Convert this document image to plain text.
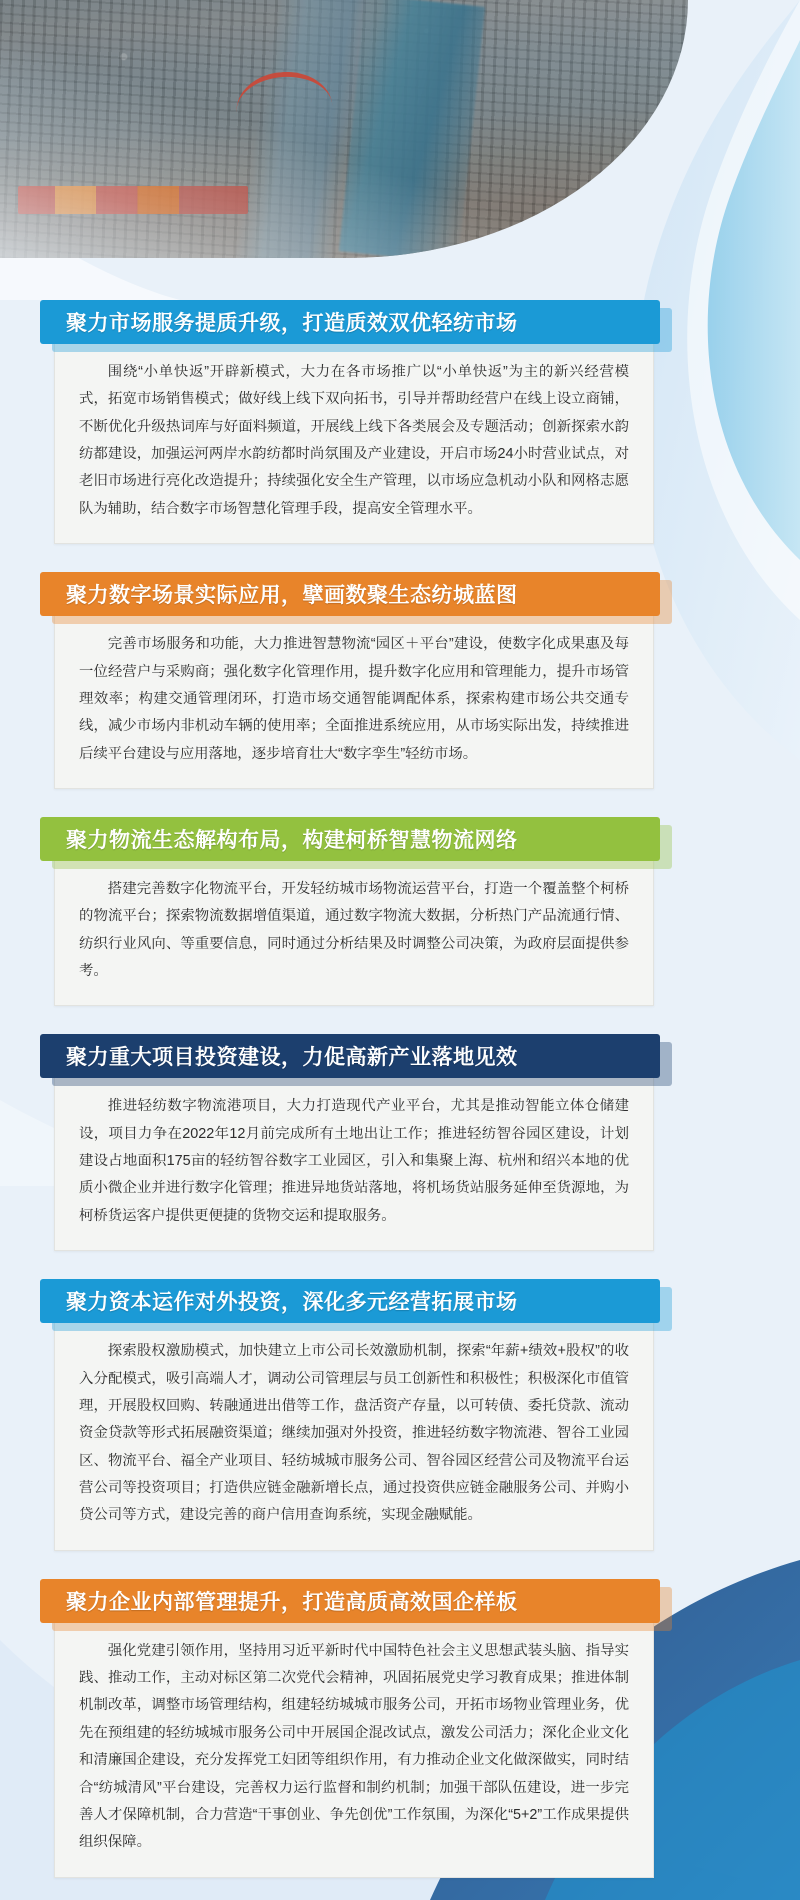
聚力市场服务提质升级，打造质效双优轻纺市场

围绕“小单快返”开辟新模式，大力在各市场推广以“小单快返”为主的新兴经营模式，拓宽市场销售模式；做好线上线下双向拓书，引导并帮助经营户在线上设立商铺，不断优化升级热词库与好面料频道，开展线上线下各类展会及专题活动；创新探索水韵纺都建设，加强运河两岸水韵纺都时尚氛围及产业建设，开启市场24小时营业试点，对老旧市场进行亮化改造提升；持续强化安全生产管理，以市场应急机动小队和网格志愿队为辅助，结合数字市场智慧化管理手段，提高安全管理水平。

聚力数字场景实际应用，擘画数聚生态纺城蓝图

完善市场服务和功能，大力推进智慧物流“园区＋平台”建设，使数字化成果惠及每一位经营户与采购商；强化数字化管理作用，提升数字化应用和管理能力，提升市场管理效率；构建交通管理闭环，打造市场交通智能调配体系，探索构建市场公共交通专线，减少市场内非机动车辆的使用率；全面推进系统应用，从市场实际出发，持续推进后续平台建设与应用落地，逐步培育壮大“数字孪生”轻纺市场。

聚力物流生态解构布局，构建柯桥智慧物流网络

搭建完善数字化物流平台，开发轻纺城市场物流运营平台，打造一个覆盖整个柯桥的物流平台；探索物流数据增值渠道，通过数字物流大数据，分析热门产品流通行情、纺织行业风向、等重要信息，同时通过分析结果及时调整公司决策，为政府层面提供参考。

聚力重大项目投资建设，力促高新产业落地见效

推进轻纺数字物流港项目，大力打造现代产业平台，尤其是推动智能立体仓储建设，项目力争在2022年12月前完成所有土地出让工作；推进轻纺智谷园区建设，计划建设占地面积175亩的轻纺智谷数字工业园区，引入和集聚上海、杭州和绍兴本地的优质小微企业并进行数字化管理；推进异地货站落地，将机场货站服务延伸至货源地，为柯桥货运客户提供更便捷的货物交运和提取服务。

聚力资本运作对外投资，深化多元经营拓展市场

探索股权激励模式，加快建立上市公司长效激励机制，探索“年薪+绩效+股权”的收入分配模式，吸引高端人才，调动公司管理层与员工创新性和积极性；积极深化市值管理，开展股权回购、转融通进出借等工作，盘活资产存量，以可转债、委托贷款、流动资金贷款等形式拓展融资渠道；继续加强对外投资，推进轻纺数字物流港、智谷工业园区、物流平台、福全产业项目、轻纺城城市服务公司、智谷园区经营公司及物流平台运营公司等投资项目；打造供应链金融新增长点，通过投资供应链金融服务公司、并购小贷公司等方式，建设完善的商户信用查询系统，实现金融赋能。

聚力企业内部管理提升，打造高质高效国企样板

强化党建引领作用，坚持用习近平新时代中国特色社会主义思想武装头脑、指导实践、推动工作，主动对标区第二次党代会精神，巩固拓展党史学习教育成果；推进体制机制改革，调整市场管理结构，组建轻纺城城市服务公司，开拓市场物业管理业务，优先在预组建的轻纺城城市服务公司中开展国企混改试点，激发公司活力；深化企业文化和清廉国企建设，充分发挥党工妇团等组织作用，有力推动企业文化做深做实，同时结合“纺城清风”平台建设，完善权力运行监督和制约机制；加强干部队伍建设，进一步完善人才保障机制，合力营造“干事创业、争先创优”工作氛围，为深化“5+2”工作成果提供组织保障。
